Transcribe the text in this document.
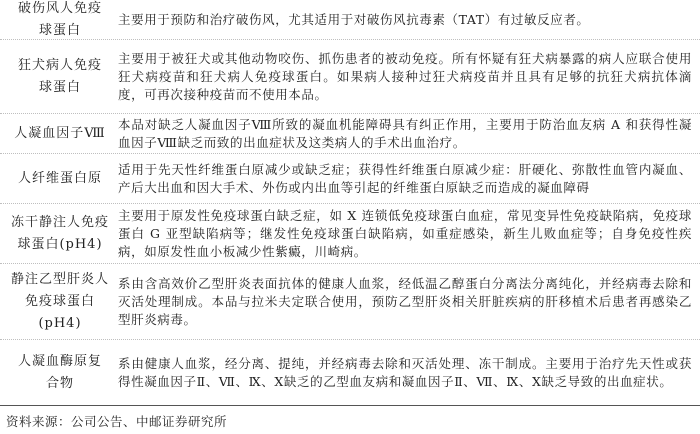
破伤风人免疫球蛋白
主要用于预防和治疗破伤风，尤其适用于对破伤风抗毒素（TAT）有过敏反应者。
狂犬病人免疫球蛋白
主要用于被狂犬或其他动物咬伤、抓伤患者的被动免疫。所有怀疑有狂犬病暴露的病人应联合使用狂犬病疫苗和狂犬病人免疫球蛋白。如果病人接种过狂犬病疫苗并且具有足够的抗狂犬病抗体滴度，可再次接种疫苗而不使用本品。
人凝血因子Ⅷ
本品对缺乏人凝血因子Ⅷ所致的凝血机能障碍具有纠正作用，主要用于防治血友病 A 和获得性凝血因子Ⅷ缺乏而致的出血症状及这类病人的手术出血治疗。
人纤维蛋白原
适用于先天性纤维蛋白原减少或缺乏症；获得性纤维蛋白原减少症：肝硬化、弥散性血管内凝血、产后大出血和因大手术、外伤或内出血等引起的纤维蛋白原缺乏而造成的凝血障碍
冻干静注人免疫球蛋白(pH4)
主要用于原发性免疫球蛋白缺乏症，如 X 连锁低免疫球蛋白血症，常见变异性免疫缺陷病，免疫球蛋白 G 亚型缺陷病等；继发性免疫球蛋白缺陷病，如重症感染，新生儿败血症等；自身免疫性疾病，如原发性血小板减少性紫癜，川崎病。
静注乙型肝炎人免疫球蛋白(pH4)
系由含高效价乙型肝炎表面抗体的健康人血浆，经低温乙醇蛋白分离法分离纯化，并经病毒去除和灭活处理制成。本品与拉米夫定联合使用，预防乙型肝炎相关肝脏疾病的肝移植术后患者再感染乙型肝炎病毒。
人凝血酶原复合物
系由健康人血浆，经分离、提纯，并经病毒去除和灭活处理、冻干制成。主要用于治疗先天性或获得性凝血因子Ⅱ、Ⅶ、Ⅸ、Ⅹ缺乏的乙型血友病和凝血因子Ⅱ、Ⅶ、Ⅸ、Ⅹ缺乏导致的出血症状。
资料来源：公司公告、中邮证券研究所
